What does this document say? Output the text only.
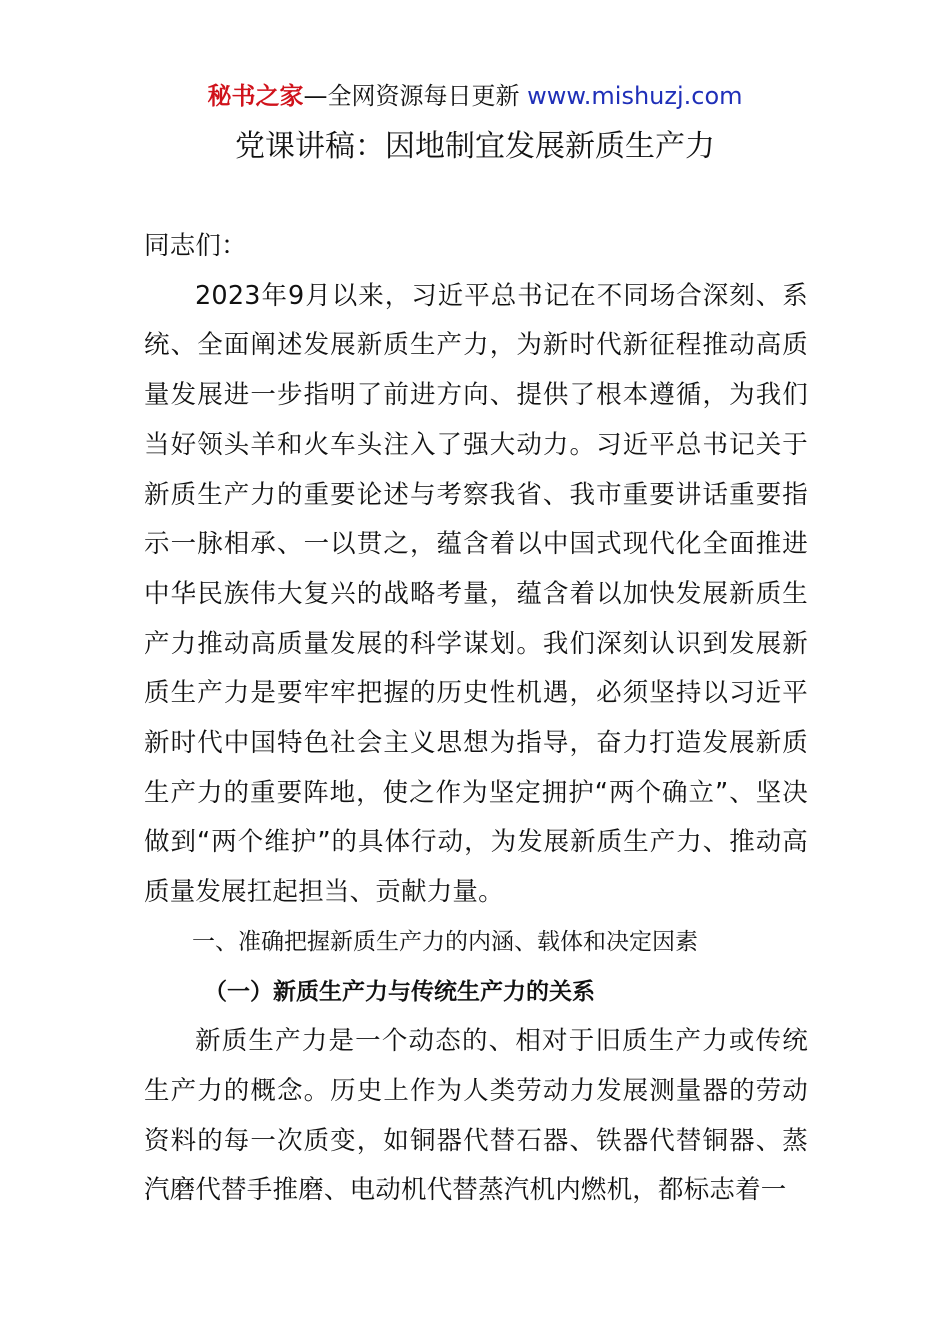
秘书之家—全网资源每日更新 www.mishuzj.com
党课讲稿：因地制宜发展新质生产力

同志们：

2023年9月以来，习近平总书记在不同场合深刻、系统、全面阐述发展新质生产力，为新时代新征程推动高质量发展进一步指明了前进方向、提供了根本遵循，为我们当好领头羊和火车头注入了强大动力。习近平总书记关于新质生产力的重要论述与考察我省、我市重要讲话重要指示一脉相承、一以贯之，蕴含着以中国式现代化全面推进中华民族伟大复兴的战略考量，蕴含着以加快发展新质生产力推动高质量发展的科学谋划。我们深刻认识到发展新质生产力是要牢牢把握的历史性机遇，必须坚持以习近平新时代中国特色社会主义思想为指导，奋力打造发展新质生产力的重要阵地，使之作为坚定拥护“两个确立”、坚决做到“两个维护”的具体行动，为发展新质生产力、推动高质量发展扛起担当、贡献力量。

一、准确把握新质生产力的内涵、载体和决定因素

（一）新质生产力与传统生产力的关系

新质生产力是一个动态的、相对于旧质生产力或传统生产力的概念。历史上作为人类劳动力发展测量器的劳动资料的每一次质变，如铜器代替石器、铁器代替铜器、蒸汽磨代替手推磨、电动机代替蒸汽机内燃机，都标志着一
